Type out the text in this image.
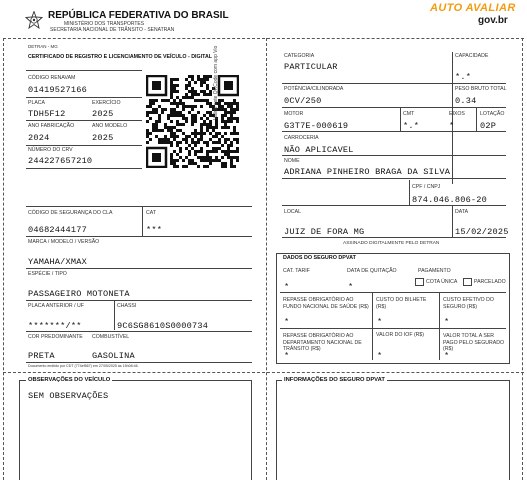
REPÚBLICA FEDERATIVA DO BRASIL
MINISTÉRIO DOS TRANSPORTES
SECRETARIA NACIONAL DE TRÂNSITO - SENATRAN
AUTO AVALIAR
gov.br
DETRAN - MG
CERTIFICADO DE REGISTRO E LICENCIAMENTO DE VEÍCULO - DIGITAL
CÓDIGO RENAVAM
01419527166
PLACA
TDH5F12
EXERCÍCIO
2025
ANO FABRICAÇÃO
2024
ANO MODELO
2025
NÚMERO DO CRV
244227657210
Valide este QRCode com app Vio
CÓDIGO DE SEGURANÇA DO CLA
04682444177
CAT
***
MARCA / MODELO / VERSÃO
YAMAHA/XMAX
ESPÉCIE / TIPO
PASSAGEIRO MOTONETA
PLACA ANTERIOR / UF
*******/**
CHASSI
9C6SG8610S0000734
COR PREDOMINANTE
PRETA
COMBUSTÍVEL
GASOLINA
Documento emitido por CDT (774ef567) em 27/05/2025 às 15h08:46.
CATEGORIA
PARTICULAR
CAPACIDADE
*.*
POTÊNCIA/CILINDRADA
0CV/250
PESO BRUTO TOTAL
0.34
MOTOR
G3T7E-000619
CMT
*.*
EIXOS
*
LOTAÇÃO
02P
CARROCERIA
NÃO APLICAVEL
NOME
ADRIANA PINHEIRO BRAGA DA SILVA
CPF / CNPJ
874.046.806-20
LOCAL
JUIZ DE FORA MG
DATA
15/02/2025
ASSINADO DIGITALMENTE PELO DETRAN
DADOS DO SEGURO DPVAT
CAT. TARIF
*
DATA DE QUITAÇÃO
*
PAGAMENTO
COTA ÚNICA	PARCELADO
REPASSE OBRIGATÓRIO AO FUNDO NACIONAL DE SAÚDE (R$)
*
CUSTO DO BILHETE (R$)
*
CUSTO EFETIVO DO SEGURO (R$)
*
REPASSE OBRIGATÓRIO AO DEPARTAMENTO NACIONAL DE TRÂNSITO (R$)
*
VALOR DO IOF (R$)
*
VALOR TOTAL A SER PAGO PELO SEGURADO (R$)
*
OBSERVAÇÕES DO VEÍCULO
SEM OBSERVAÇÕES
INFORMAÇÕES DO SEGURO DPVAT
